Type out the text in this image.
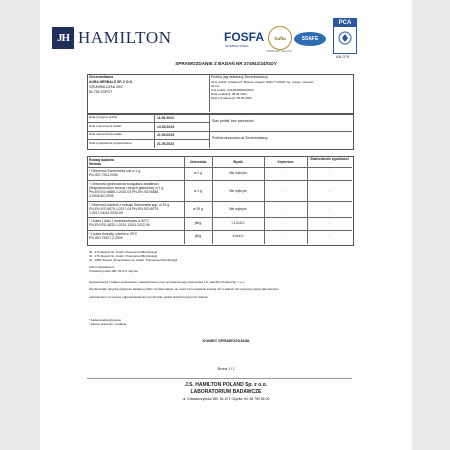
JH HAMILTON	FOSFA
INTERNATIONAL
Gafta
APPROVED ANALYST
SSAFE
PCA
AB 079
SPRAWOZDANIE Z BADAŃ NR 274941/24/GDY
Zleceniodawca
AURA HERBALS SP. Z O.O.
GRUNWALDZKA 49/2
81-754 SOPOT
Próbka (wg deklaracji Zleceniodawcy)
Opis próbki: Colladrop® Beauty, kolagen HMG™ 10000 mg, mango, saszetki
30 szt.
Kod próbki: COLBM/08/05/2024
Data produkcji: 08.05.2024
Data przydatności: 08.05.2026
Data przyjęcia próbki	11.05.2024
Data rozpoczęcia badań	13.05.2024
Data zakończenia badań	21.05.2024
Data wystawienia sprawozdania	21.05.2024
Stan próbki: bez zastrzeżeń
Próbka otrzymana od Zleceniodawcy
Rodzaj badania
Metoda	Jednostka	Wynik	Kryterium
Stwierdzenie zgodności
* Obecność Escherichia coli w 1 g
PN-ISO 7251:2006	w 1 g	Nie wykryto	-	-
* Obecność gronkowców koagulazo-dodatnich
(Staphylococcus aureus i innych gatunków) w 1 g
PN-EN ISO 6888-1:2022-03 PN-EN ISO 6888-
3:2004/AC:2005
w 1 g	Nie wykryto	-	-
* Obecność bakterii z rodzaju Salmonella spp. w 25 g
PN-EN ISO 6579-1:2017-04 PN-EN ISO 6579-
1:2017-04/A1:2020-09
w 25 g	Nie wykryto	-	-
* Liczba ( ilość ) drobnoustrojów w 30°C
PN-EN ISO 4833-1:2013-12/A1:2022-06	jtk/g	<1,0x10¹	-	-
* Liczba drożdży i pleśni w 25°C
PN-ISO 21527-2:2009	jtk/g	4,0x10¹	-	-
ID - 176 Skupnii ltc. Analiz, Pracownia Mikrobiologii
ID - 176 Skupnii ltc. Analiz, Pracownia Mikrobiologii
ID - 1865 Skupnii Opracowanie ltc. Analiz, Pracownia Mikrobiologii
Adres laboratorium:
Chwaszczyńska 180, 81-571 Gdynia
Sprawozdanie z badań opracowane i zatwierdzone przez upoważnionego pracownika J.S. Hamilton Poland Sp. z o.o.
Wyniki badań dotyczą wyłącznie badanej próbki. Sprawozdanie nie może być powielane inaczej niż w całości bez pisemnej zgody laboratorium.
Laboratorium nie ponosi odpowiedzialności za pobranie próbki dostarczonej przez klienta.
* badania akredytowane
¹ Zakres pracowni - badania
KONIEC SPRAWOZDANIA
Strona 1 / 1
J.S. HAMILTON POLAND Sp. z o.o.
LABORATORIUM BADAWCZE
ul. Chwaszczyńska 180, 81-571 Gdynia, tel. 58 769 66 00
